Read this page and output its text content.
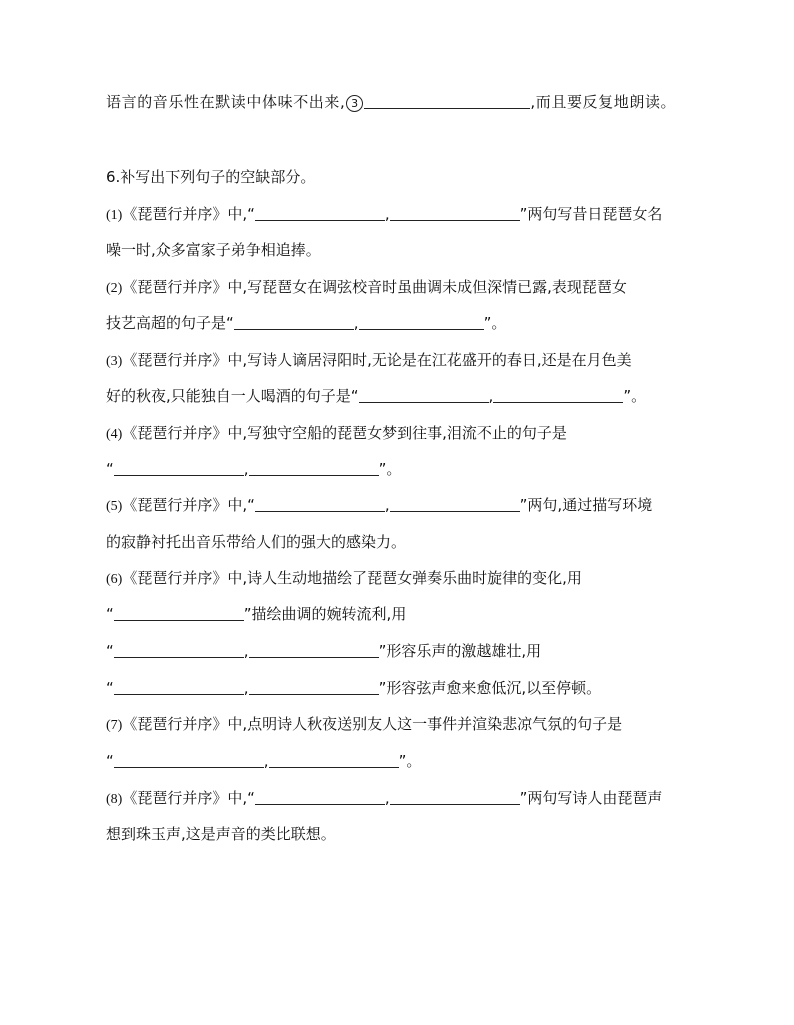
语言的音乐性在默读中体味不出来, 3	,而且要反复地朗读。
6.补写出下列句子的空缺部分。
(1)《琵琶行并序》中,“	,	”两句写昔日琵琶女名
噪一时,众多富家子弟争相追捧。
(2)《琵琶行并序》中,写琵琶女在调弦校音时虽曲调未成但深情已露,表现琵琶女
技艺高超的句子是“	,	”。
(3)《琵琶行并序》中,写诗人谪居浔阳时,无论是在江花盛开的春日,还是在月色美
好的秋夜,只能独自一人喝酒的句子是“	,	”。
(4)《琵琶行并序》中,写独守空船的琵琶女梦到往事,泪流不止的句子是
“	,	”。
(5)《琵琶行并序》中,“	,	”两句,通过描写环境
的寂静衬托出音乐带给人们的强大的感染力。
(6)《琵琶行并序》中,诗人生动地描绘了琵琶女弹奏乐曲时旋律的变化,用
“	”描绘曲调的婉转流利,用
“	,	”形容乐声的激越雄壮,用
“	,	”形容弦声愈来愈低沉,以至停顿。
(7)《琵琶行并序》中,点明诗人秋夜送别友人这一事件并渲染悲凉气氛的句子是
“	,	”。
(8)《琵琶行并序》中,“	,	”两句写诗人由琵琶声
想到珠玉声,这是声音的类比联想。
